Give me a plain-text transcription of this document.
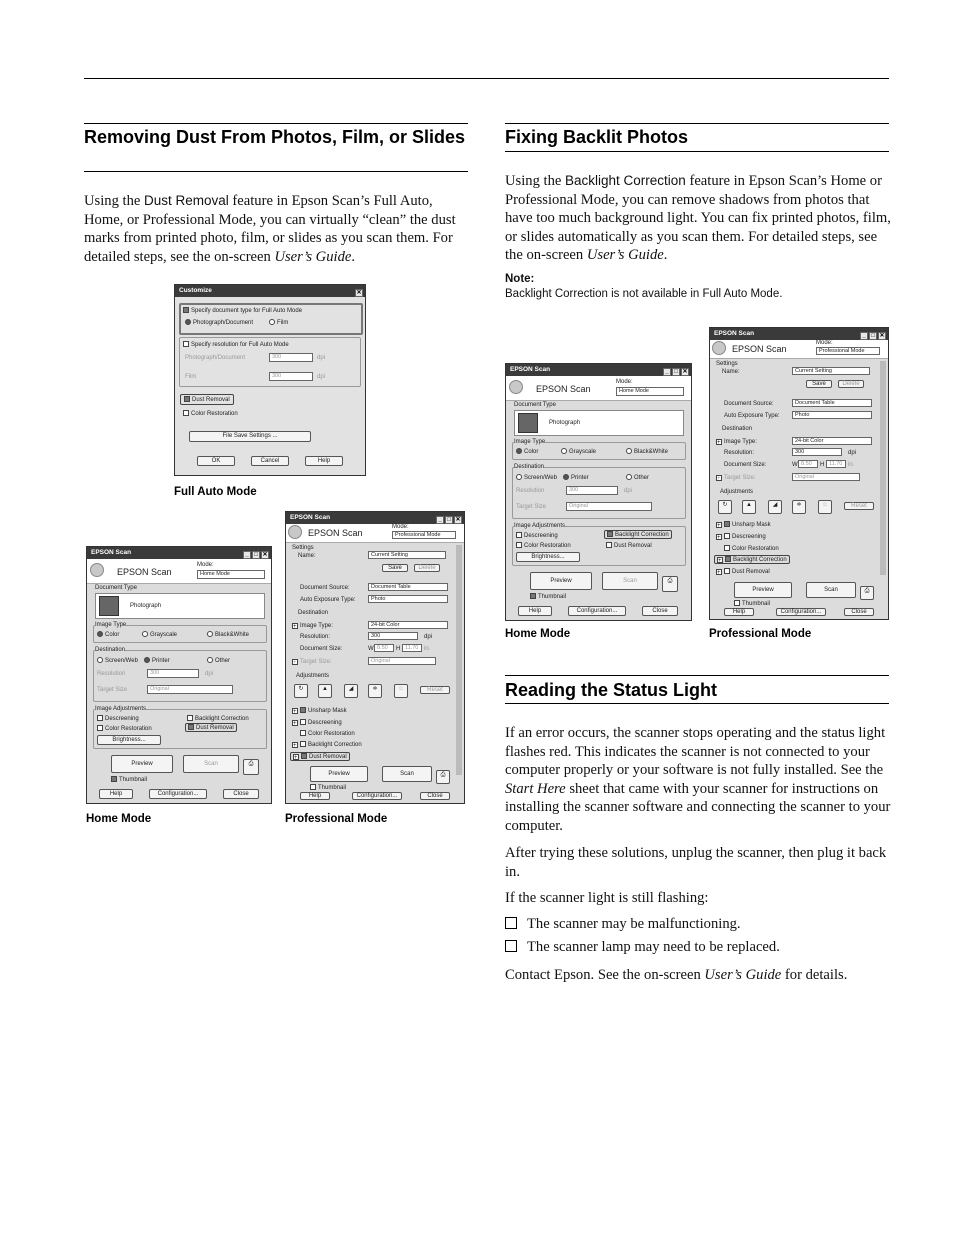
Removing Dust From Photos, Film, or Slides

Using the Dust Removal feature in Epson Scan’s Full Auto, Home, or Professional Mode, you can virtually “clean” the dust marks from printed photo, film, or slides as you scan them. For detailed steps, see the on-screen User’s Guide.

Customize	✕
Specify document type for Full Auto Mode
Photograph/Document	Film
Specify resolution for Full Auto Mode
Photograph/Document	300	dpi
Film	300	dpi
Dust Removal
Color Restoration
File Save Settings ...
OK	Cancel	Help
Full Auto Mode
EPSON Scan	_ □ ✕
EPSON Scan
Mode:
Home Mode
Document Type
Photograph
Image Type
Color	Grayscale	Black&White
Destination
Screen/Web	Printer	Other
Resolution	300	dpi
Target Size	Original
Image Adjustments
Descreening	Backlight Correction
Color Restoration	Dust Removal
Brightness...
Preview	Scan	⎙
Thumbnail
Help	Configuration...	Close
EPSON Scan	_ □ ✕
EPSON Scan
Mode:
Professional Mode
Settings
Name:	Current Setting
Save	Delete
Document Source:	Document Table
Auto Exposure Type:	Photo
Destination
+ Image Type:	24-bit Color
Resolution:	300	dpi
Document Size:	W 8.50	H 11.70 in.
+ Target Size:	Original
Adjustments
↻	▲	◢	≑	☺	Reset
+ Unsharp Mask
+ Descreening
Color Restoration
+ Backlight Correction
+ Dust Removal
Preview	Scan	⎙
Thumbnail
Help	Configuration...	Close
Home Mode	Professional Mode
Fixing Backlit Photos

Using the Backlight Correction feature in Epson Scan’s Home or Professional Mode, you can remove shadows from photos that have too much background light. You can fix printed photos, film, or slides automatically as you scan them. For detailed steps, see the on-screen User’s Guide.

Note:
Backlight Correction is not available in Full Auto Mode.
EPSON Scan	_ □ ✕
EPSON Scan
Mode:
Home Mode
Document Type
Photograph
Image Type
Color	Grayscale	Black&White
Destination
Screen/Web	Printer	Other
Resolution	300	dpi
Target Size	Original
Image Adjustments
Descreening	Backlight Correction
Color Restoration	Dust Removal
Brightness...
Preview	Scan	⎙
Thumbnail
Help	Configuration...	Close
EPSON Scan	_ □ ✕
EPSON Scan
Mode:
Professional Mode
Settings
Name:	Current Setting
Save	Delete
Document Source:	Document Table
Auto Exposure Type:	Photo
Destination
+ Image Type:	24-bit Color
Resolution:	300	dpi
Document Size:	W 8.50	H 11.70 in.
+ Target Size:	Original
Adjustments
↻	▲	◢	≑	☺	Reset
+ Unsharp Mask
+ Descreening
Color Restoration
+ Backlight Correction
+ Dust Removal
Preview	Scan	⎙
Thumbnail
Help	Configuration...	Close
Home Mode	Professional Mode
Reading the Status Light

If an error occurs, the scanner stops operating and the status light flashes red. This indicates the scanner is not connected to your computer properly or your software is not fully installed. See the Start Here sheet that came with your scanner for instructions on installing the scanner software and connecting the scanner to your computer.

After trying these solutions, unplug the scanner, then plug it back in.

If the scanner light is still flashing:

The scanner may be malfunctioning.
The scanner lamp may need to be replaced.

Contact Epson. See the on-screen User’s Guide for details.
